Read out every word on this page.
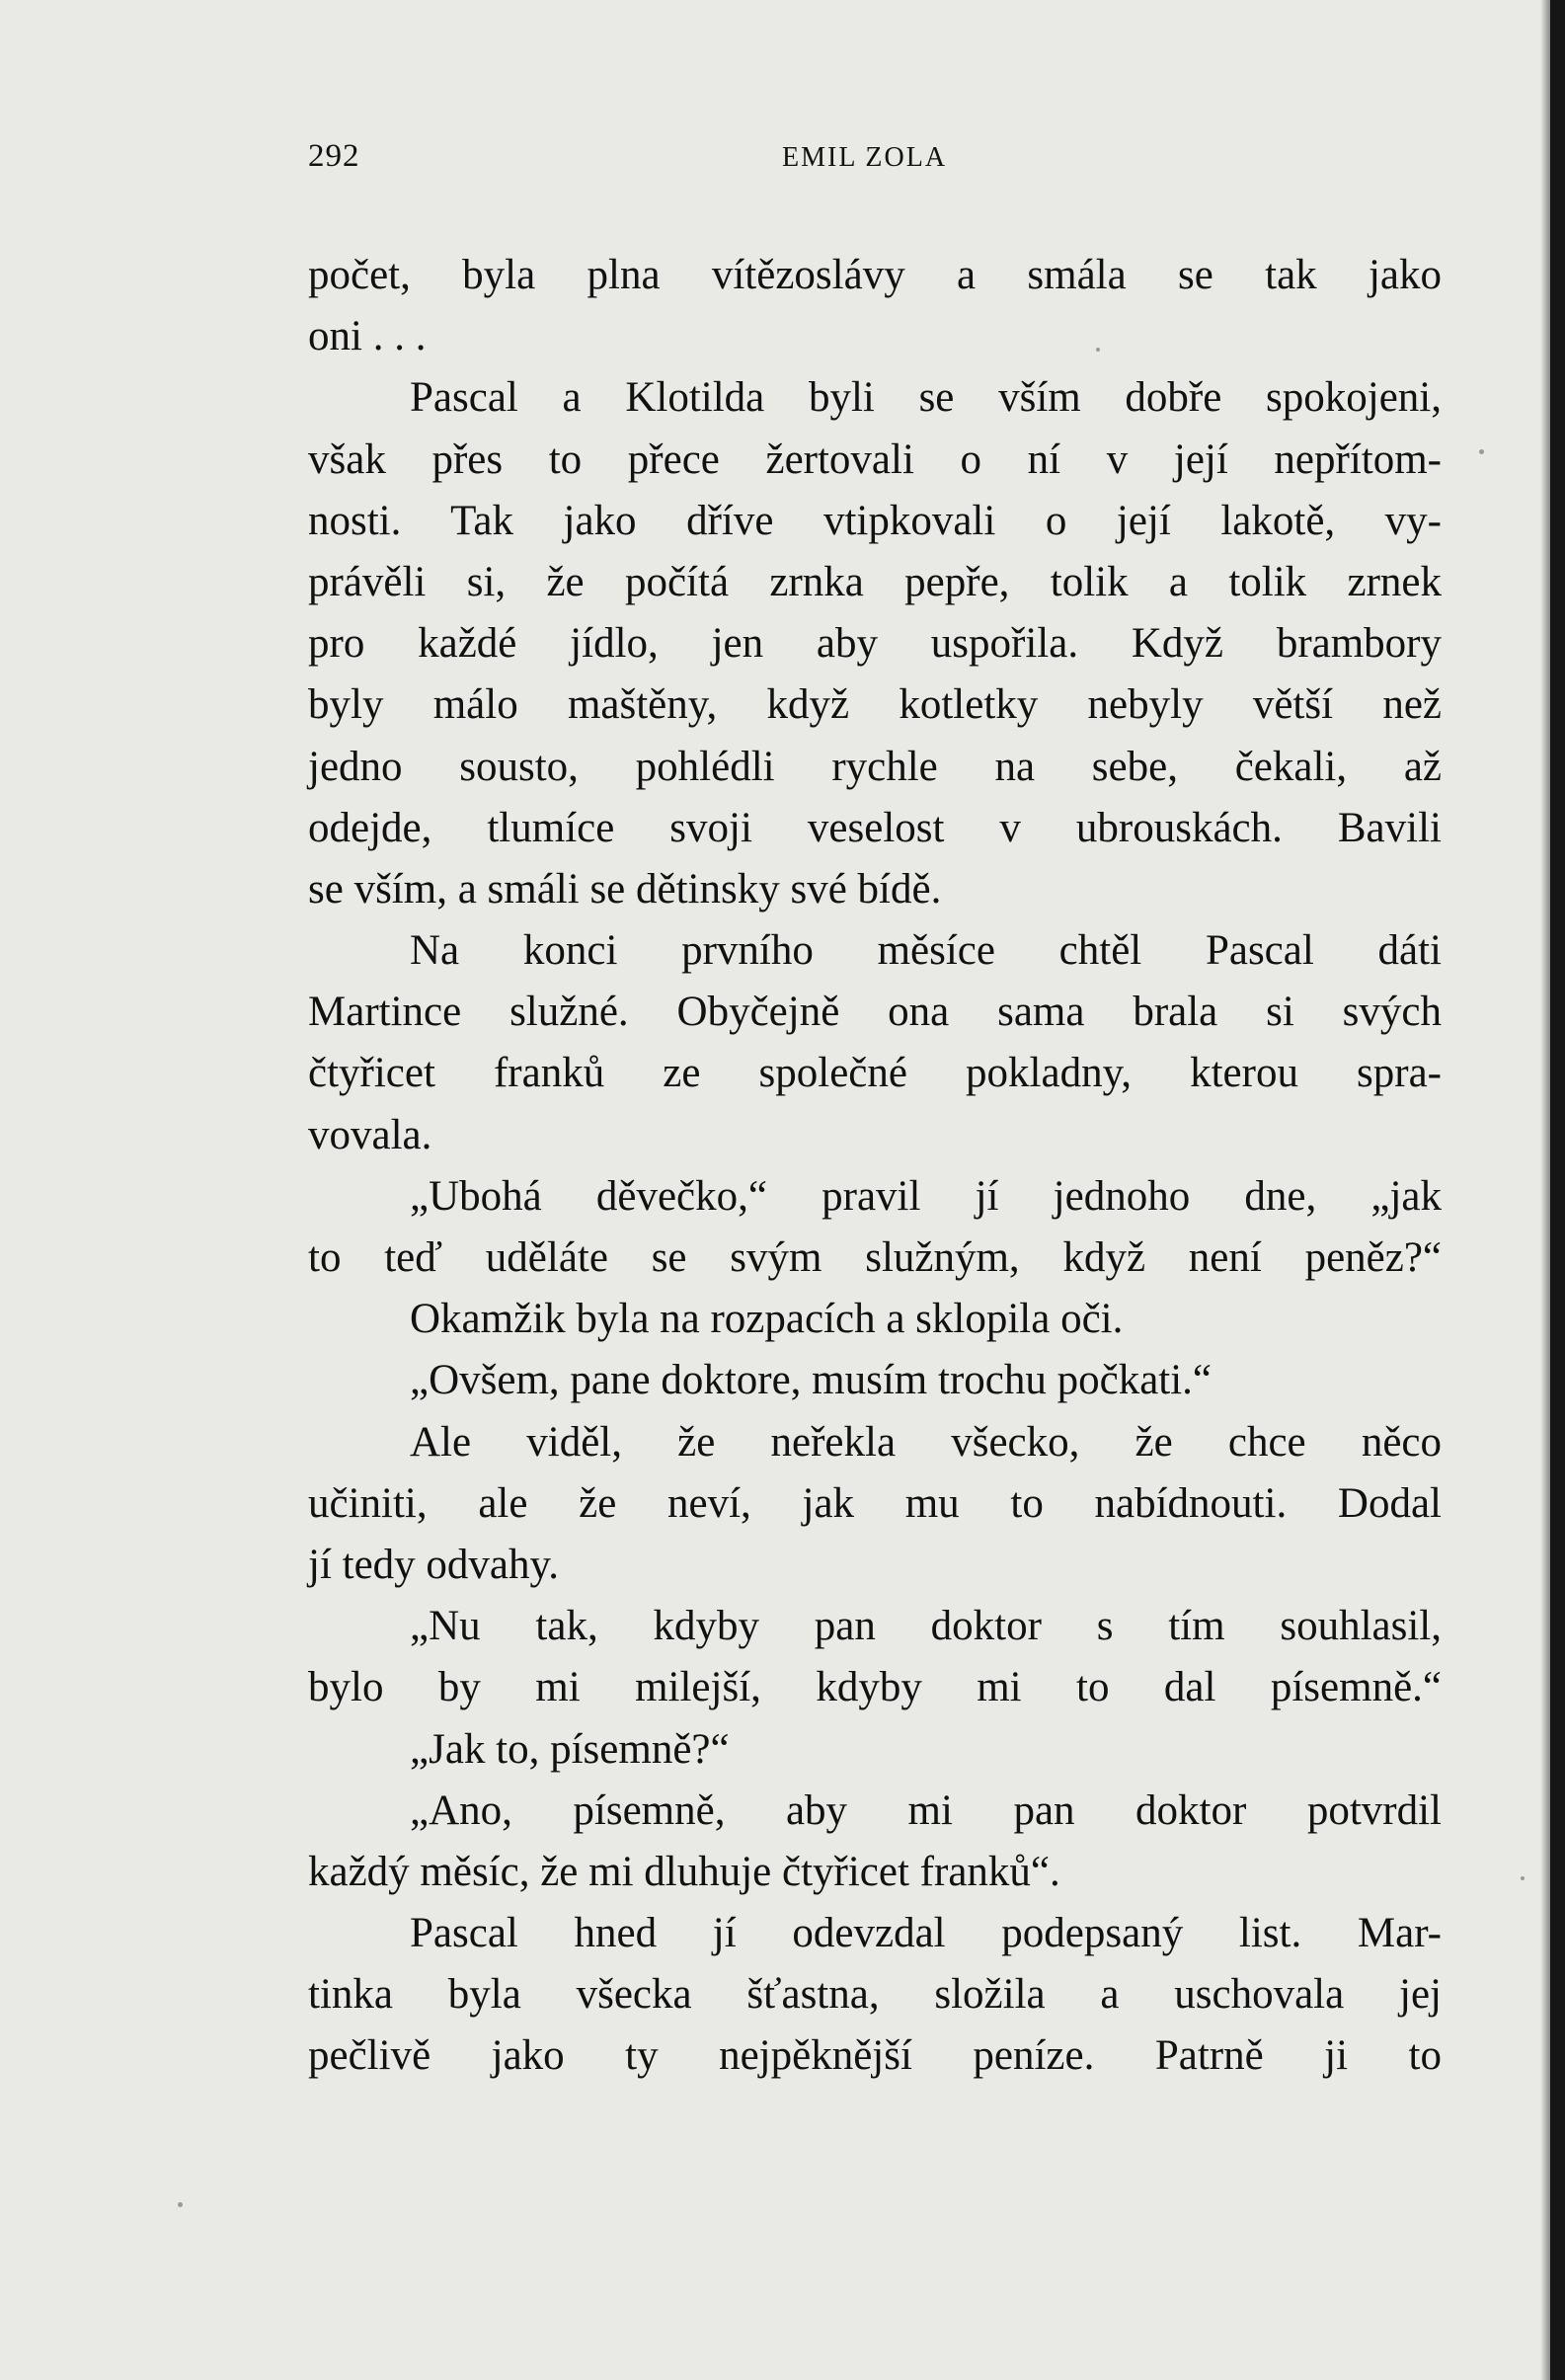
292	EMIL ZOLA
počet, byla plna vítězoslávy a smála se tak jako
oni . . .
Pascal a Klotilda byli se vším dobře spokojeni,
však přes to přece žertovali o ní v její nepřítom-
nosti. Tak jako dříve vtipkovali o její lakotě, vy-
právěli si, že počítá zrnka pepře, tolik a tolik zrnek
pro každé jídlo, jen aby uspořila. Když brambory
byly málo maštěny, když kotletky nebyly větší než
jedno sousto, pohlédli rychle na sebe, čekali, až
odejde, tlumíce svoji veselost v ubrouskách. Bavili
se vším, a smáli se dětinsky své bídě.
Na konci prvního měsíce chtěl Pascal dáti
Martince služné. Obyčejně ona sama brala si svých
čtyřicet franků ze společné pokladny, kterou spra-
vovala.
„Ubohá děvečko,“ pravil jí jednoho dne, „jak
to teď uděláte se svým služným, když není peněz?“
Okamžik byla na rozpacích a sklopila oči.
„Ovšem, pane doktore, musím trochu počkati.“
Ale viděl, že neřekla všecko, že chce něco
učiniti, ale že neví, jak mu to nabídnouti. Dodal
jí tedy odvahy.
„Nu tak, kdyby pan doktor s tím souhlasil,
bylo by mi milejší, kdyby mi to dal písemně.“
„Jak to, písemně?“
„Ano, písemně, aby mi pan doktor potvrdil
každý měsíc, že mi dluhuje čtyřicet franků“.
Pascal hned jí odevzdal podepsaný list. Mar-
tinka byla všecka šťastna, složila a uschovala jej
pečlivě jako ty nejpěknější peníze. Patrně ji to
